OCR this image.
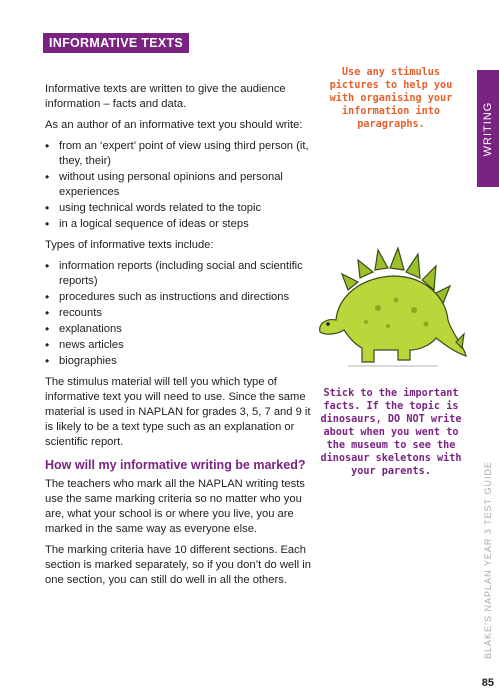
INFORMATIVE TEXTS

Informative texts are written to give the audience information – facts and data.

As an author of an informative text you should write:

• from an ‘expert’ point of view using third person (it, they, their)
• without using personal opinions and personal experiences
• using technical words related to the topic
• in a logical sequence of ideas or steps

Types of informative texts include:

• information reports (including social and scientific reports)
• procedures such as instructions and directions
• recounts
• explanations
• news articles
• biographies

The stimulus material will tell you which type of informative text you will need to use. Since the same material is used in NAPLAN for grades 3, 5, 7 and 9 it is likely to be a text type such as an explanation or scientific report.

How will my informative writing be marked?

The teachers who mark all the NAPLAN writing tests use the same marking criteria so no matter who you are, what your school is or where you live, you are marked in the same way as everyone else.

The marking criteria have 10 different sections. Each section is marked separately, so if you don’t do well in one section, you can still do well in all the others.

Use any stimulus pictures to help you with organising your information into paragraphs.
Stick to the important facts. If the topic is dinosaurs, DO NOT write about when you went to the museum to see the dinosaur skeletons with your parents.
WRITING
BLAKE’S NAPLAN YEAR 3 TEST GUIDE
85
